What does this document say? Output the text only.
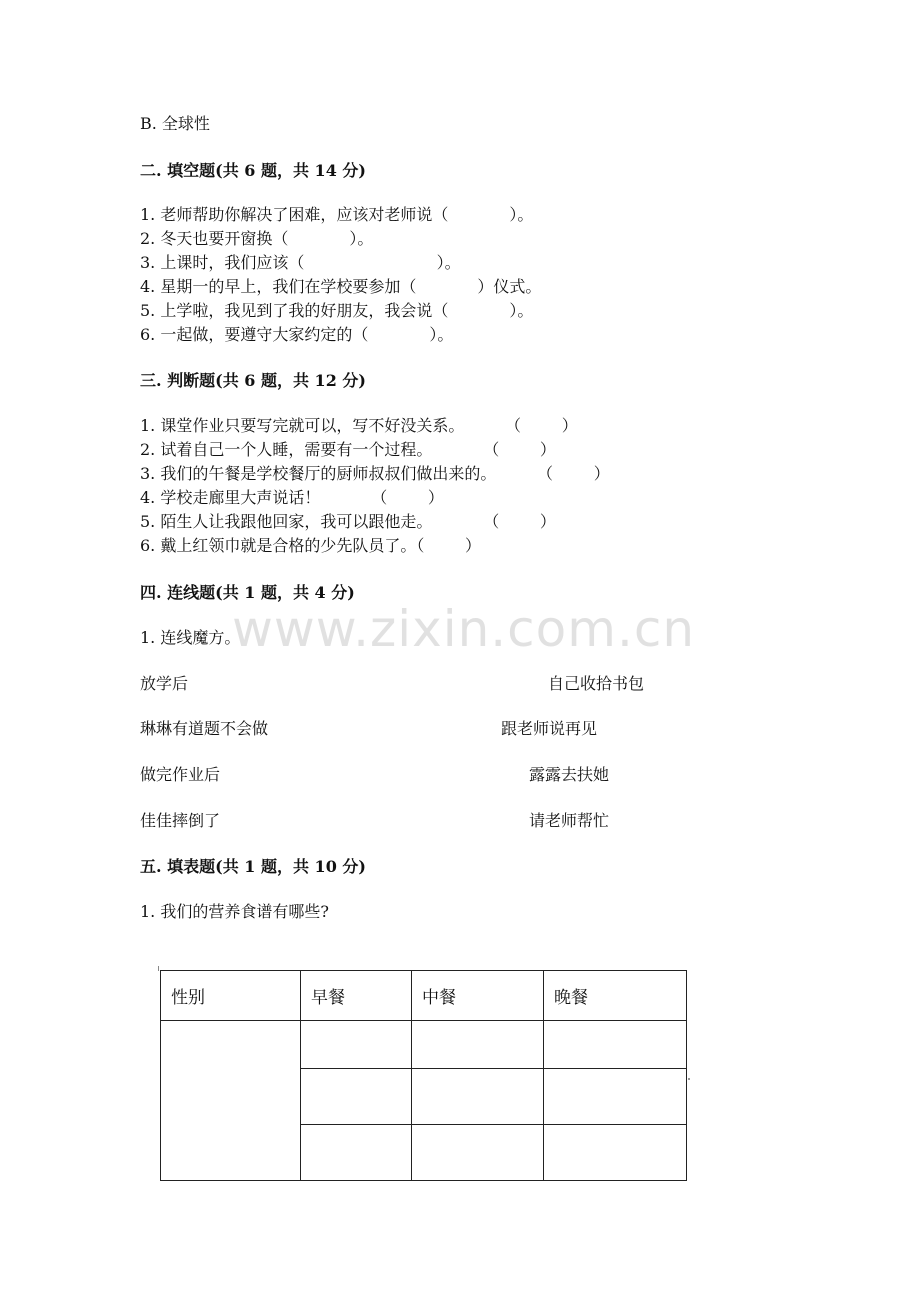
B. 全球性
二. 填空题(共 6 题，共 14 分)
1. 老师帮助你解决了困难，应该对老师说（            ）。
2. 冬天也要开窗换（            ）。
3. 上课时，我们应该（                          ）。
4. 星期一的早上，我们在学校要参加（            ）仪式。
5. 上学啦，我见到了我的好朋友，我会说（            ）。
6. 一起做，要遵守大家约定的（            ）。
三. 判断题(共 6 题，共 12 分)
1. 课堂作业只要写完就可以，写不好没关系。        （        ）
2. 试着自己一个人睡，需要有一个过程。          （        ）
3. 我们的午餐是学校餐厅的厨师叔叔们做出来的。        （        ）
4. 学校走廊里大声说话！          （        ）
5. 陌生人让我跟他回家，我可以跟他走。          （        ）
6. 戴上红领巾就是合格的少先队员了。（        ）
四. 连线题(共 1 题，共 4 分)
1. 连线魔方。
www.zixin.com.cn
放学后	自己收拾书包
琳琳有道题不会做	跟老师说再见
做完作业后	露露去扶她
佳佳摔倒了	请老师帮忙
五. 填表题(共 1 题，共 10 分)
1. 我们的营养食谱有哪些?
性别	早餐	中餐	晚餐
